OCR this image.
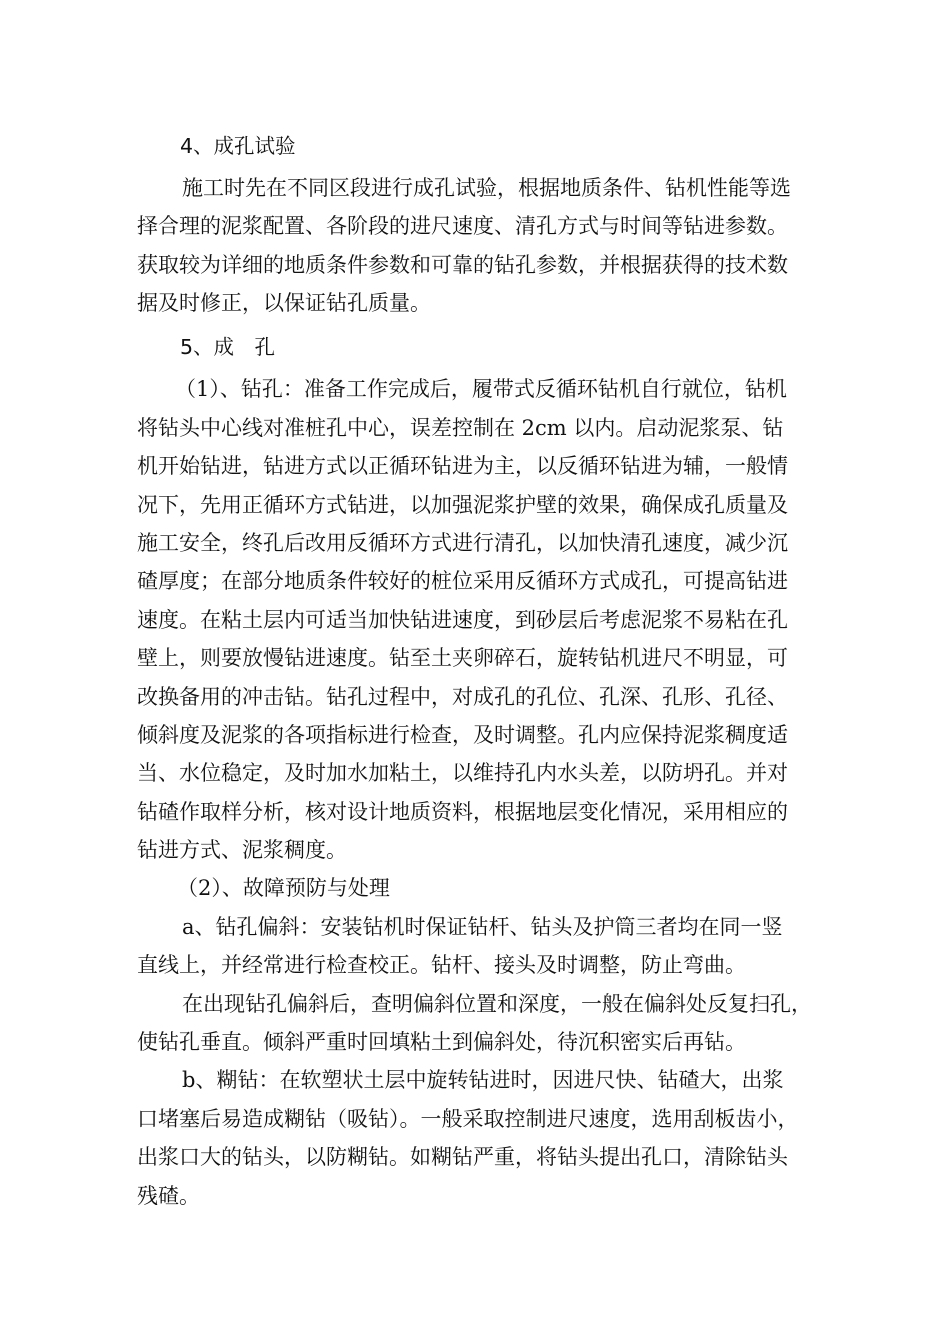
4、成孔试验
施工时先在不同区段进行成孔试验，根据地质条件、钻机性能等选
择合理的泥浆配置、各阶段的进尺速度、清孔方式与时间等钻进参数。
获取较为详细的地质条件参数和可靠的钻孔参数，并根据获得的技术数
据及时修正，以保证钻孔质量。
5、成　孔
（1）、钻孔：准备工作完成后，履带式反循环钻机自行就位，钻机
将钻头中心线对准桩孔中心，误差控制在 2cm 以内。启动泥浆泵、钻
机开始钻进，钻进方式以正循环钻进为主，以反循环钻进为辅，一般情
况下，先用正循环方式钻进，以加强泥浆护壁的效果，确保成孔质量及
施工安全，终孔后改用反循环方式进行清孔，以加快清孔速度，减少沉
碴厚度；在部分地质条件较好的桩位采用反循环方式成孔，可提高钻进
速度。在粘土层内可适当加快钻进速度，到砂层后考虑泥浆不易粘在孔
壁上，则要放慢钻进速度。钻至土夹卵碎石，旋转钻机进尺不明显，可
改换备用的冲击钻。钻孔过程中，对成孔的孔位、孔深、孔形、孔径、
倾斜度及泥浆的各项指标进行检查，及时调整。孔内应保持泥浆稠度适
当、水位稳定，及时加水加粘土，以维持孔内水头差，以防坍孔。并对
钻碴作取样分析，核对设计地质资料，根据地层变化情况，采用相应的
钻进方式、泥浆稠度。
（2）、故障预防与处理
a、钻孔偏斜：安装钻机时保证钻杆、钻头及护筒三者均在同一竖
直线上，并经常进行检查校正。钻杆、接头及时调整，防止弯曲。
在出现钻孔偏斜后，查明偏斜位置和深度，一般在偏斜处反复扫孔，
使钻孔垂直。倾斜严重时回填粘土到偏斜处，待沉积密实后再钻。
b、糊钻：在软塑状土层中旋转钻进时，因进尺快、钻碴大，出浆
口堵塞后易造成糊钻（吸钻）。一般采取控制进尺速度，选用刮板齿小，
出浆口大的钻头，以防糊钻。如糊钻严重，将钻头提出孔口，清除钻头
残碴。
